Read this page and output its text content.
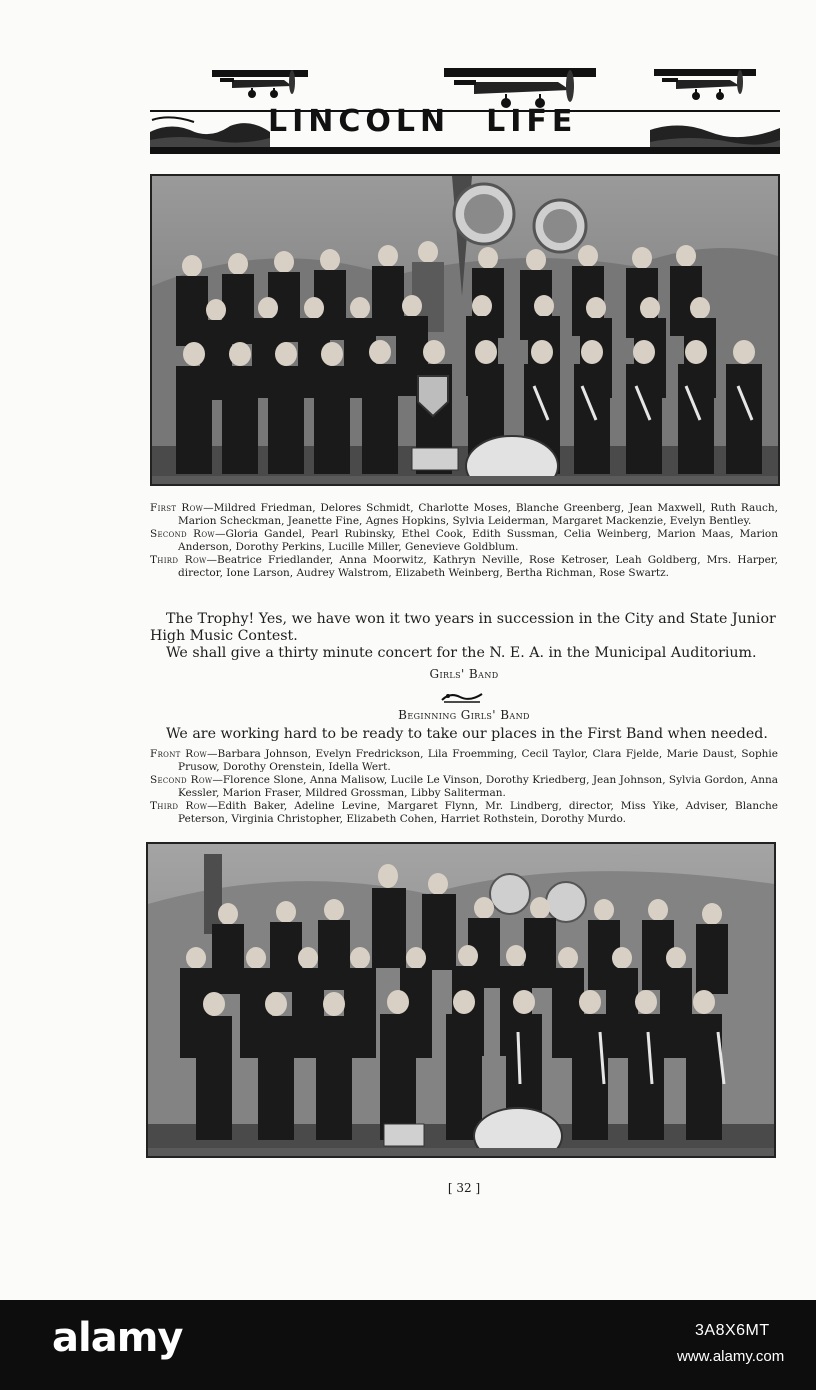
LINCOLN LIFE

First Row—Mildred Friedman, Delores Schmidt, Charlotte Moses, Blanche Greenberg, Jean Maxwell, Ruth Rauch, Marion Scheckman, Jeanette Fine, Agnes Hopkins, Sylvia Leiderman, Margaret Mackenzie, Evelyn Bentley.

Second Row—Gloria Gandel, Pearl Rubinsky, Ethel Cook, Edith Sussman, Celia Weinberg, Marion Maas, Marion Anderson, Dorothy Perkins, Lucille Miller, Genevieve Goldblum.

Third Row—Beatrice Friedlander, Anna Moorwitz, Kathryn Neville, Rose Ketroser, Leah Goldberg, Mrs. Harper, director, Ione Larson, Audrey Walstrom, Elizabeth Weinberg, Bertha Richman, Rose Swartz.

The Trophy! Yes, we have won it two years in succession in the City and State Junior High Music Contest.

We shall give a thirty minute concert for the N. E. A. in the Municipal Auditorium.

Girls' Band
Beginning Girls' Band

We are working hard to be ready to take our places in the First Band when needed.

Front Row—Barbara Johnson, Evelyn Fredrickson, Lila Froemming, Cecil Taylor, Clara Fjelde, Marie Daust, Sophie Prusow, Dorothy Orenstein, Idella Wert.

Second Row—Florence Slone, Anna Malisow, Lucile Le Vinson, Dorothy Kriedberg, Jean Johnson, Sylvia Gordon, Anna Kessler, Marion Fraser, Mildred Grossman, Libby Saliterman.

Third Row—Edith Baker, Adeline Levine, Margaret Flynn, Mr. Lindberg, director, Miss Yike, Adviser, Blanche Peterson, Virginia Christopher, Elizabeth Cohen, Harriet Rothstein, Dorothy Murdo.

[ 32 ]
alamy	3A8X6MT
www.alamy.com
